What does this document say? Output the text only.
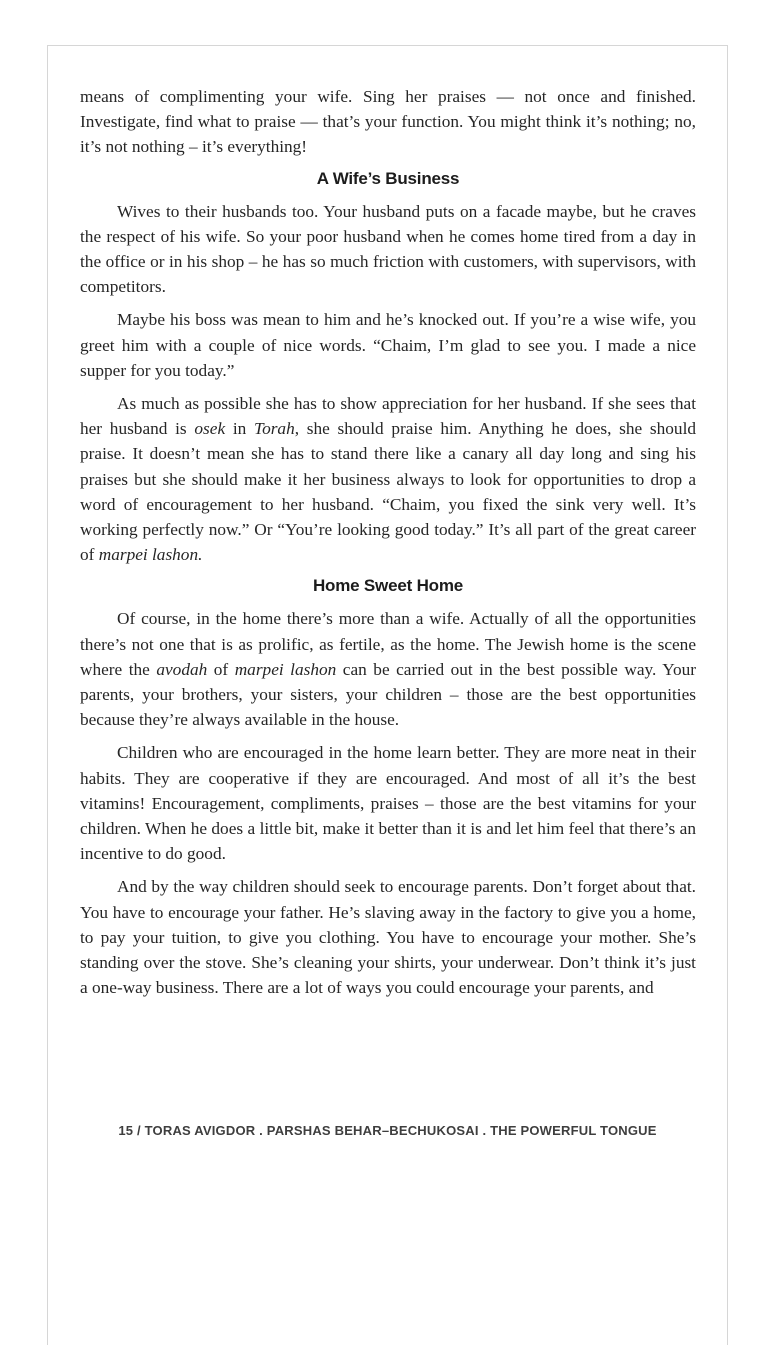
means of complimenting your wife. Sing her praises — not once and finished. Investigate, find what to praise — that’s your function. You might think it’s nothing; no, it’s not nothing – it’s everything!

A Wife’s Business

Wives to their husbands too. Your husband puts on a facade maybe, but he craves the respect of his wife. So your poor husband when he comes home tired from a day in the office or in his shop – he has so much friction with customers, with supervisors, with competitors.

Maybe his boss was mean to him and he’s knocked out. If you’re a wise wife, you greet him with a couple of nice words. “Chaim, I’m glad to see you. I made a nice supper for you today.”

As much as possible she has to show appreciation for her husband. If she sees that her husband is osek in Torah, she should praise him. Anything he does, she should praise. It doesn’t mean she has to stand there like a canary all day long and sing his praises but she should make it her business always to look for opportunities to drop a word of encouragement to her husband. “Chaim, you fixed the sink very well. It’s working perfectly now.” Or “You’re looking good today.” It’s all part of the great career of marpei lashon.

Home Sweet Home

Of course, in the home there’s more than a wife. Actually of all the opportunities there’s not one that is as prolific, as fertile, as the home. The Jewish home is the scene where the avodah of marpei lashon can be carried out in the best possible way. Your parents, your brothers, your sisters, your children – those are the best opportunities because they’re always available in the house.

Children who are encouraged in the home learn better. They are more neat in their habits. They are cooperative if they are encouraged. And most of all it’s the best vitamins! Encouragement, compliments, praises – those are the best vitamins for your children. When he does a little bit, make it better than it is and let him feel that there’s an incentive to do good.

And by the way children should seek to encourage parents. Don’t forget about that. You have to encourage your father. He’s slaving away in the factory to give you a home, to pay your tuition, to give you clothing. You have to encourage your mother. She’s standing over the stove. She’s cleaning your shirts, your underwear. Don’t think it’s just a one-way business. There are a lot of ways you could encourage your parents, and

15 / TORAS AVIGDOR . PARSHAS BEHAR–BECHUKOSAI . THE POWERFUL TONGUE
